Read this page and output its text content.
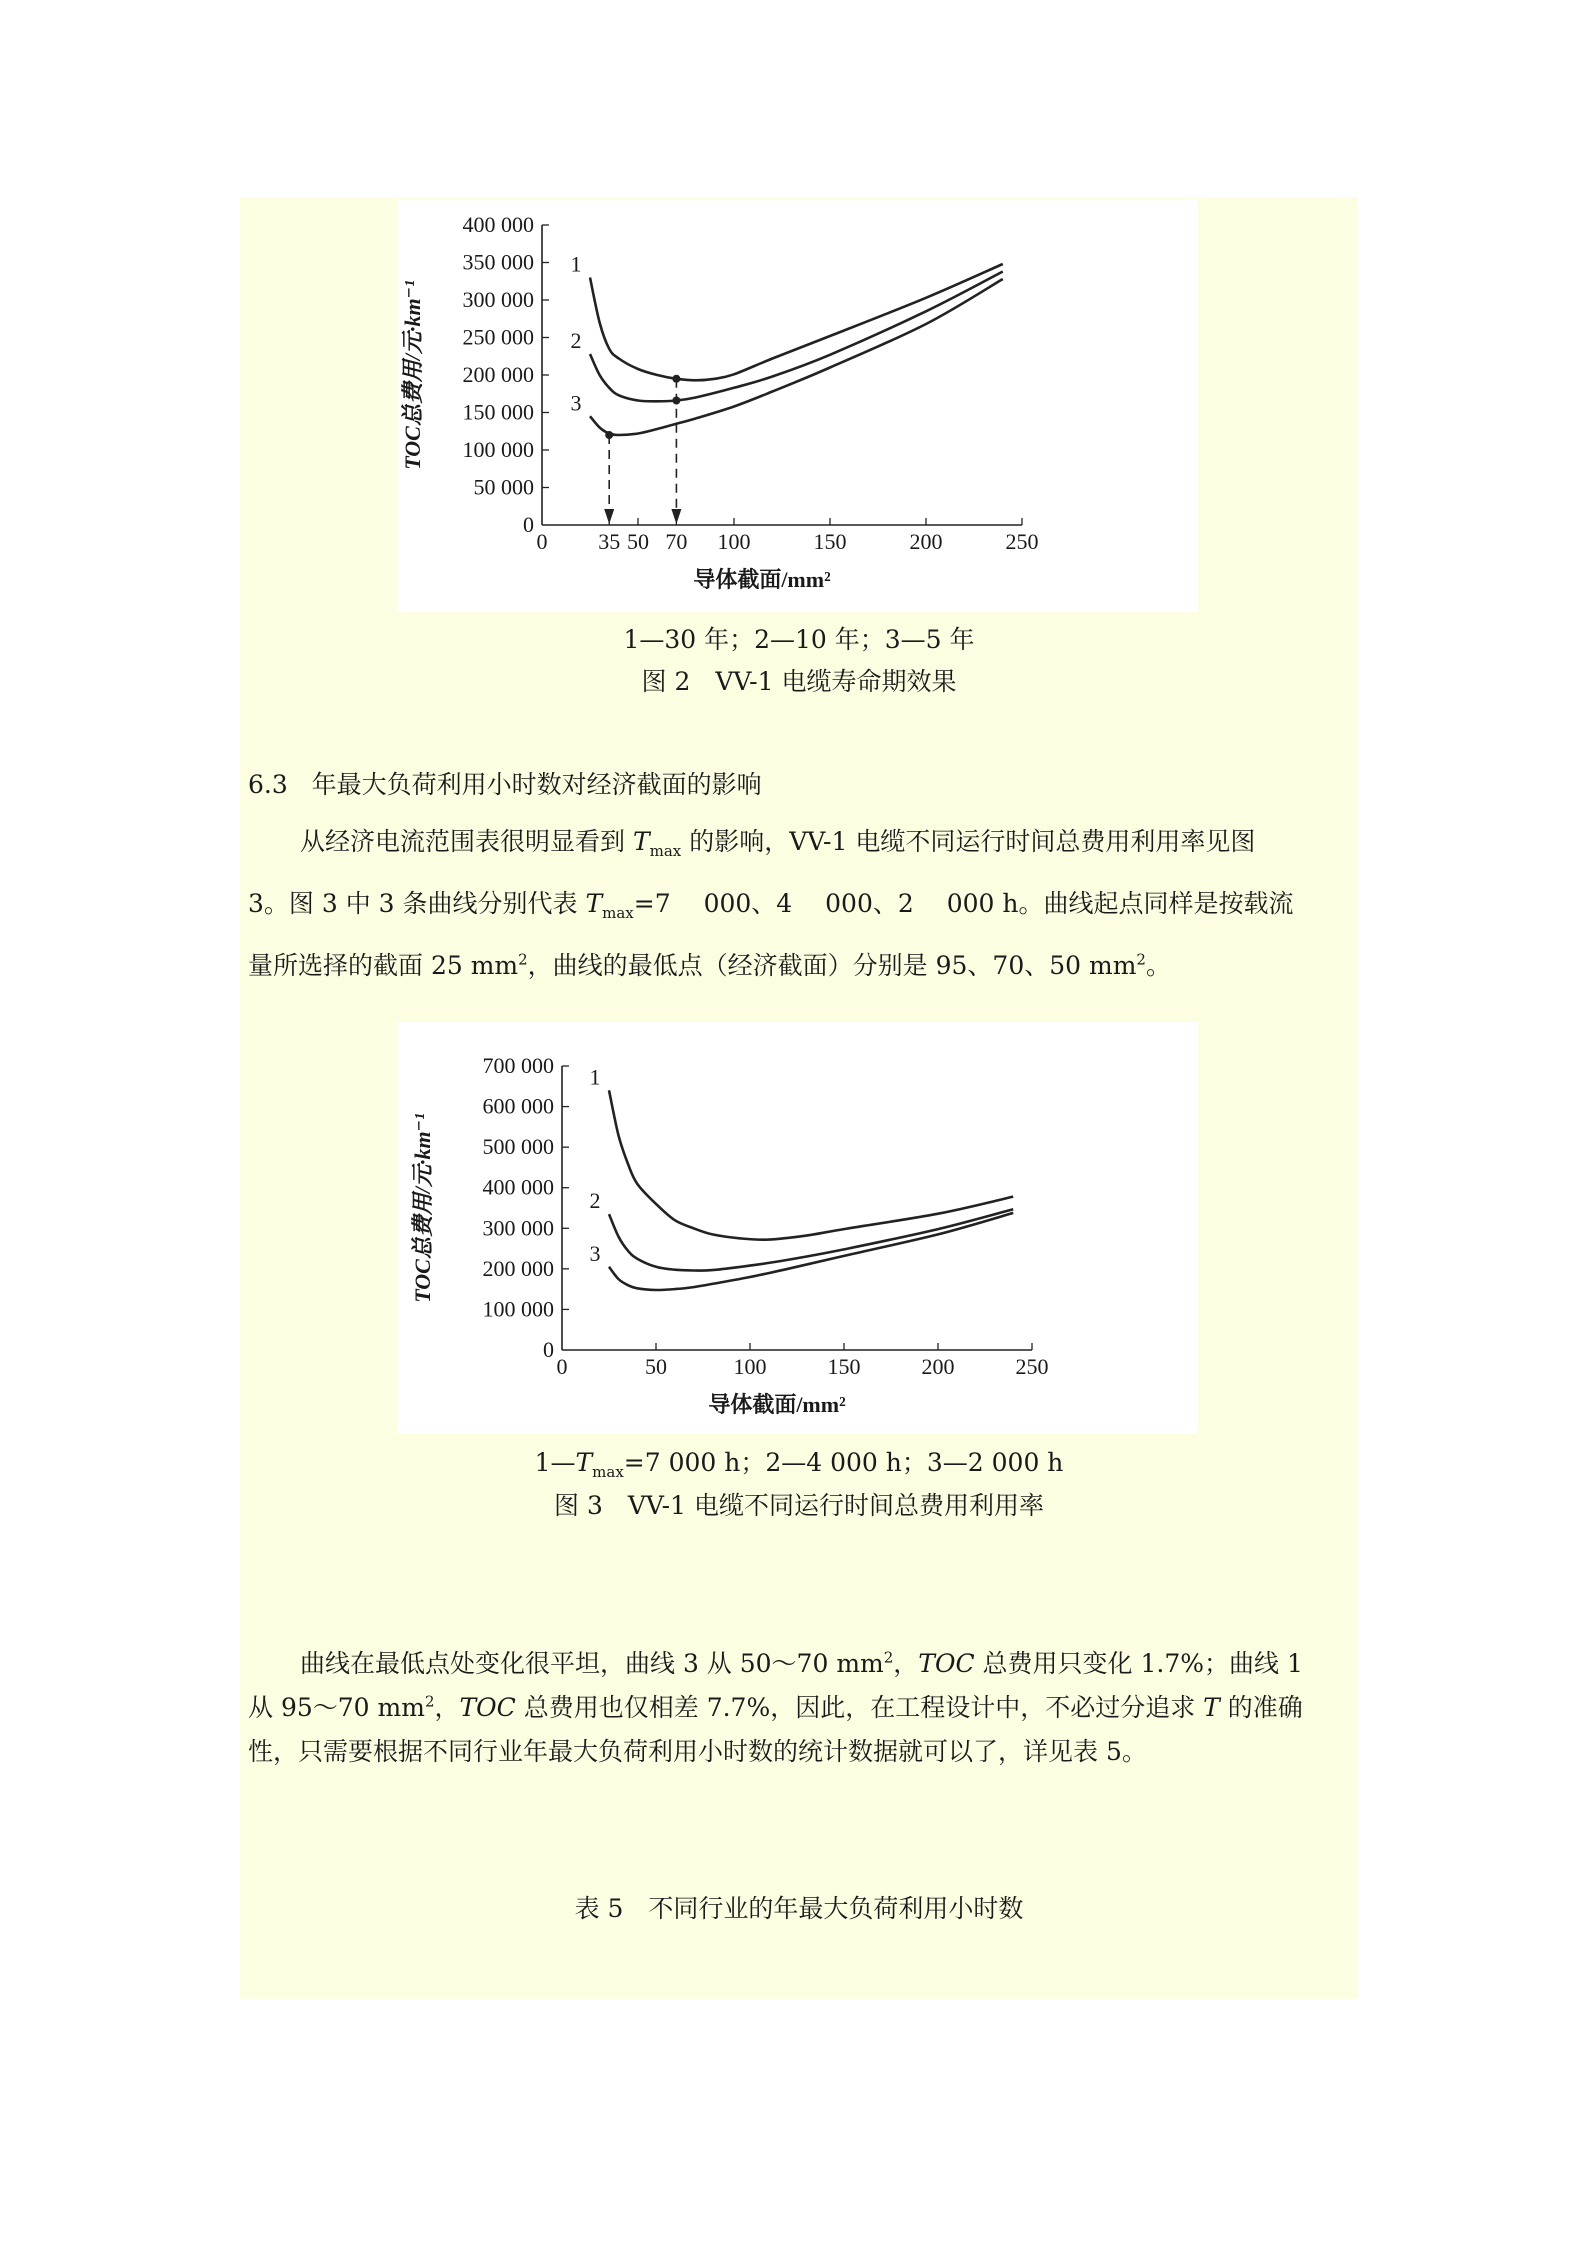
0
50 000
100 000
150 000
200 000
250 000
300 000
350 000
400 000
0 35 50 70 100	150	200	250
导体截面/mm²
TOC总费用/元·km⁻¹
1
2
3
1—30 年；2—10 年；3—5 年
图 2　VV-1 电缆寿命期效果
6.3 年最大负荷利用小时数对经济截面的影响
从经济电流范围表很明显看到 $T_{max}$ 的影响，VV-1 电缆不同运行时间总费用利用率见图
3。图 3 中 3 条曲线分别代表 $T_{max}=7$　 000、4　 000、2　 000 h。曲线起点同样是按载流
量所选择的截面 25 $mm^2$，曲线的最低点（经济截面）分别是 95、70、50 $mm^2$。
0
100 000
200 000
300 000
400 000
500 000
600 000
700 000
0	50	100	150	200	250
导体截面/mm²
TOC总费用/元·km⁻¹
1
2
3
$1—T_{max}=7$ 000 h；2—4 000 h；3—2 000 h
图 3　VV-1 电缆不同运行时间总费用利用率
曲线在最低点处变化很平坦，曲线 3 从 50～70 $mm^2$，TOC 总费用只变化 1.7%；曲线 1
从 95～70 $mm^2$，TOC 总费用也仅相差 7.7%，因此，在工程设计中，不必过分追求 T 的准确
性，只需要根据不同行业年最大负荷利用小时数的统计数据就可以了，详见表 5。
表 5　不同行业的年最大负荷利用小时数
